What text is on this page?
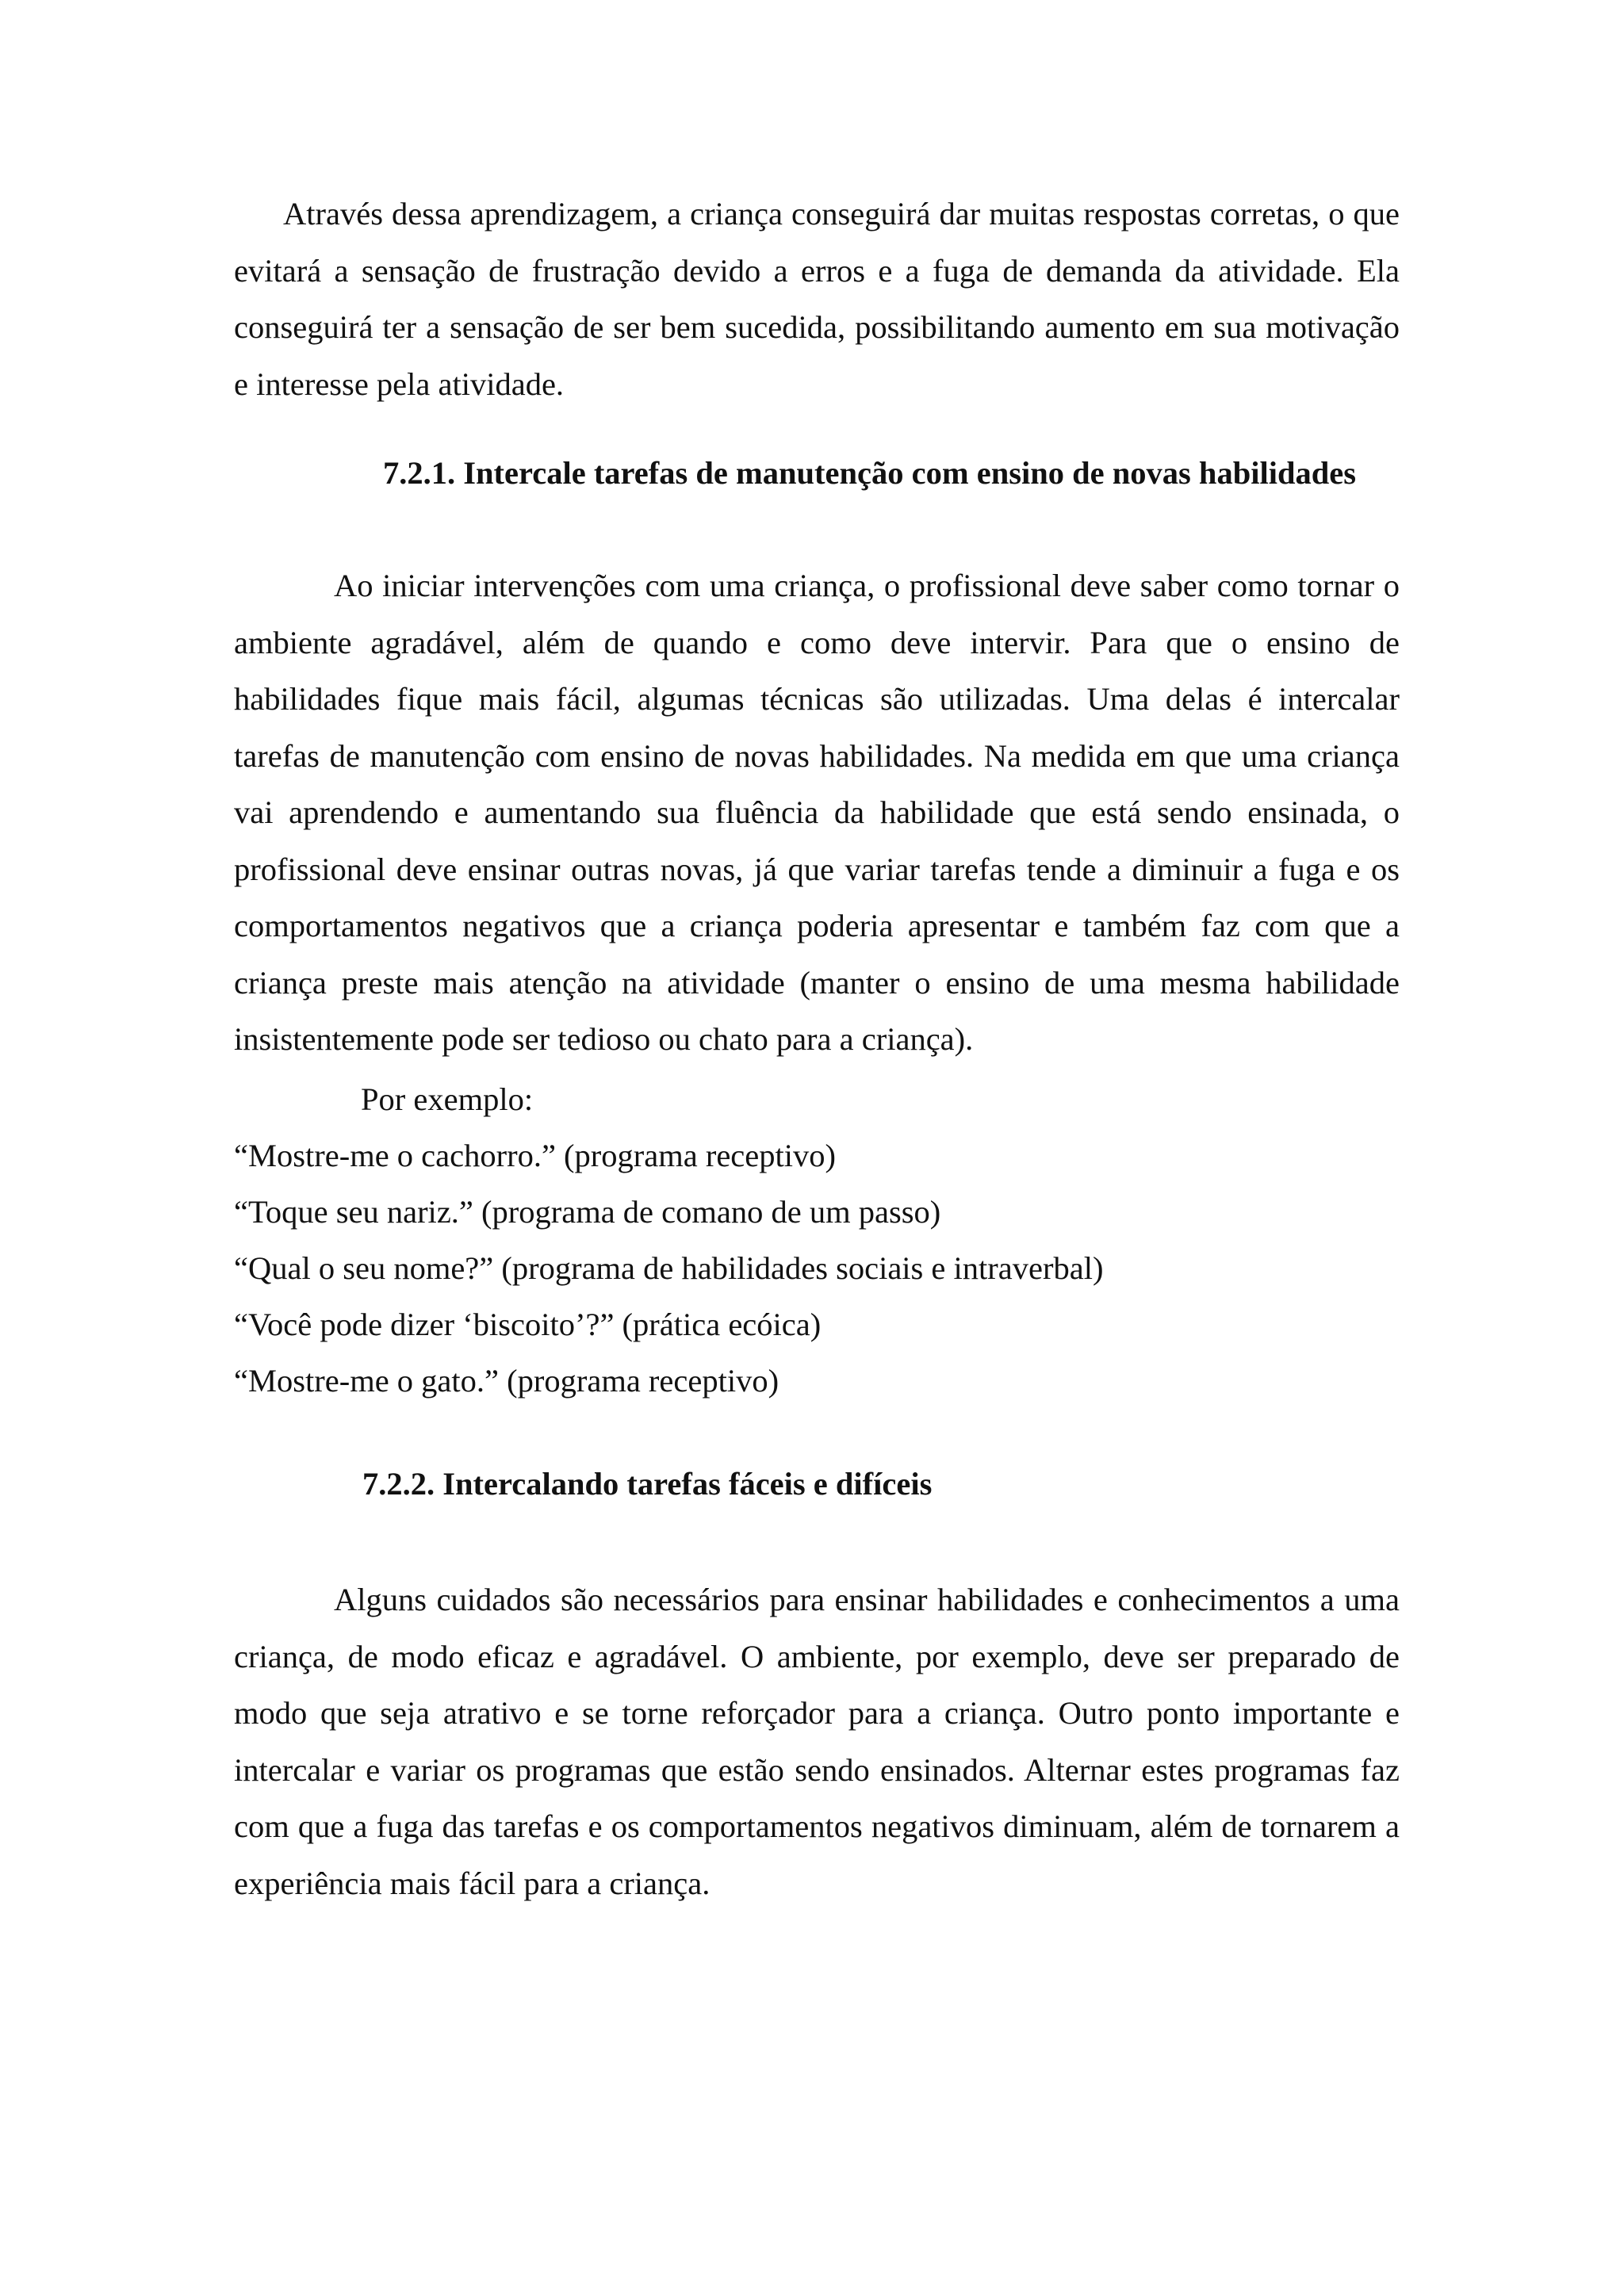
Através dessa aprendizagem, a criança conseguirá dar muitas respostas corretas, o que evitará a sensação de frustração devido a erros e a fuga de demanda da atividade. Ela conseguirá ter a sensação de ser bem sucedida, possibilitando aumento em sua motivação e interesse pela atividade.

7.2.1. Intercale tarefas de manutenção com ensino de novas habilidades

Ao iniciar intervenções com uma criança, o profissional deve saber como tornar o ambiente agradável, além de quando e como deve intervir. Para que o ensino de habilidades fique mais fácil, algumas técnicas são utilizadas. Uma delas é intercalar tarefas de manutenção com ensino de novas habilidades. Na medida em que uma criança vai aprendendo e aumentando sua fluência da habilidade que está sendo ensinada, o profissional deve ensinar outras novas, já que variar tarefas tende a diminuir a fuga e os comportamentos negativos que a criança poderia apresentar e também faz com que a criança preste mais atenção na atividade (manter o ensino de uma mesma habilidade insistentemente pode ser tedioso ou chato para a criança).

Por exemplo:
“Mostre-me o cachorro.” (programa receptivo)
“Toque seu nariz.” (programa de comano de um passo)
“Qual o seu nome?” (programa de habilidades sociais e intraverbal)
“Você pode dizer ‘biscoito’?” (prática ecóica)
“Mostre-me o gato.” (programa receptivo)
7.2.2. Intercalando tarefas fáceis e difíceis

Alguns cuidados são necessários para ensinar habilidades e conhecimentos a uma criança, de modo eficaz e agradável. O ambiente, por exemplo, deve ser preparado de modo que seja atrativo e se torne reforçador para a criança. Outro ponto importante e intercalar e variar os programas que estão sendo ensinados. Alternar estes programas faz com que a fuga das tarefas e os comportamentos negativos diminuam, além de tornarem a experiência mais fácil para a criança.
